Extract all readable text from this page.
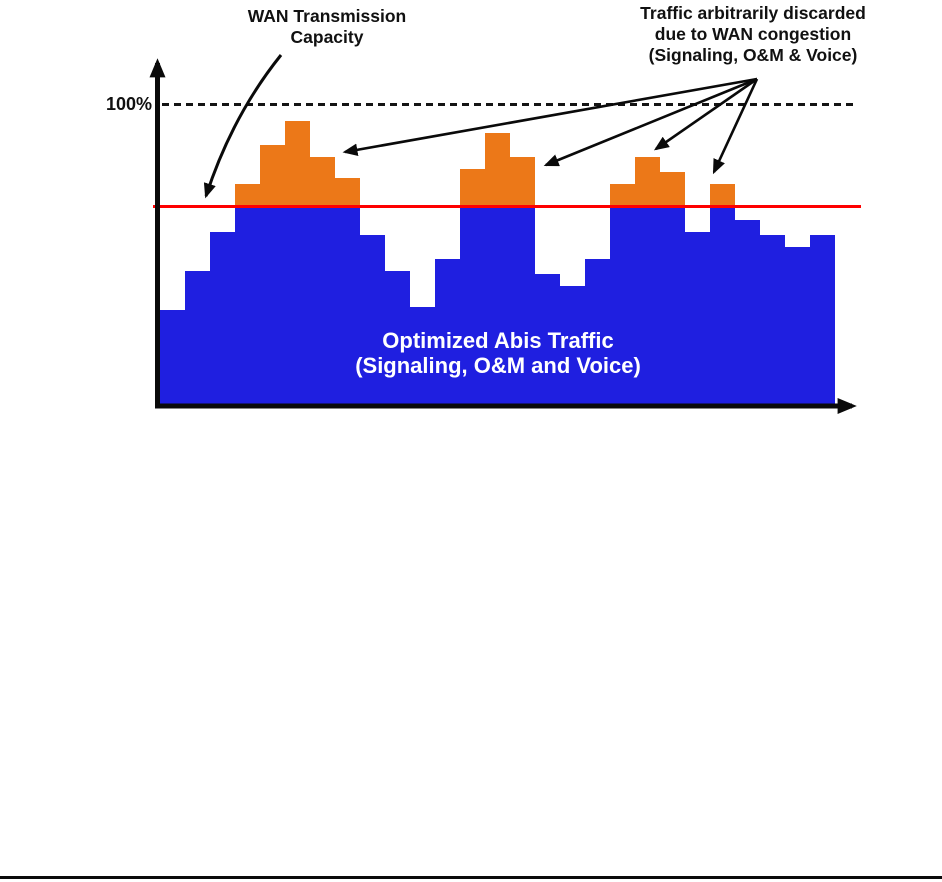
100%
WAN Transmission
Capacity
Traffic arbitrarily discarded
due to WAN congestion
(Signaling, O&M & Voice)
Optimized Abis Traffic
(Signaling, O&M and Voice)
